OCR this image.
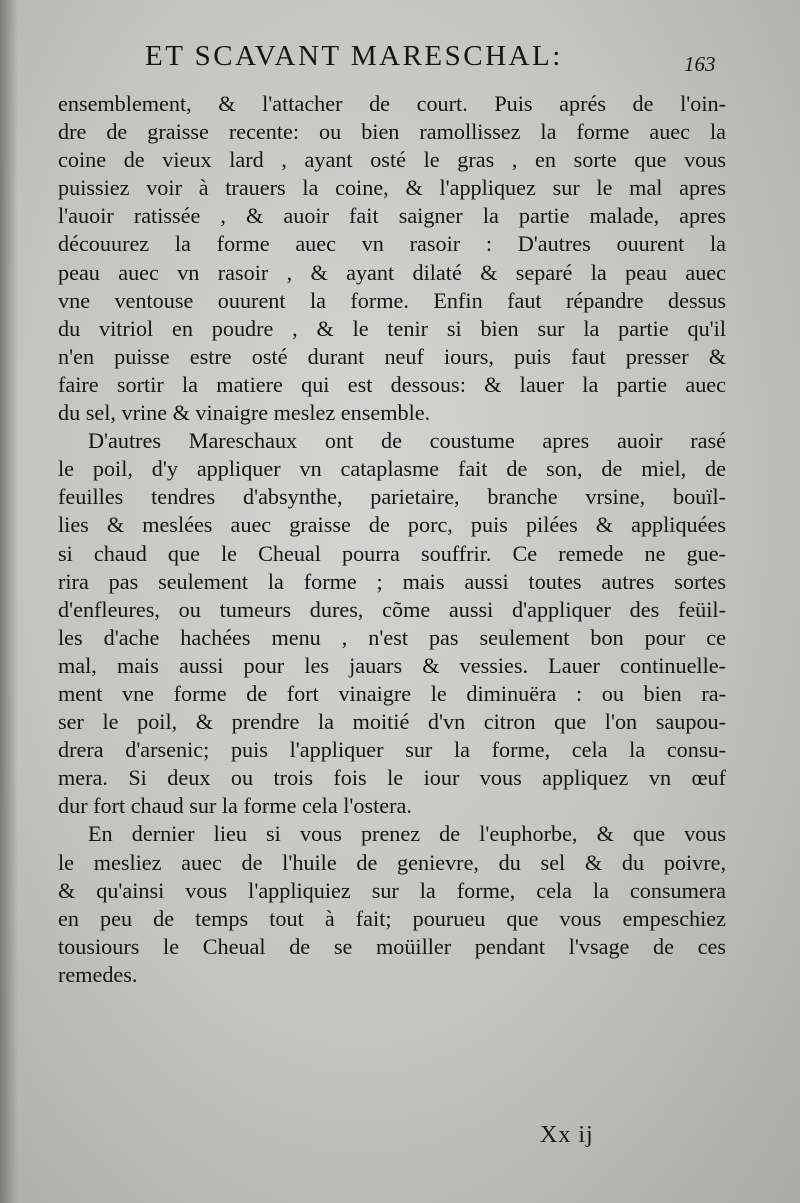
ET SCAVANT MARESCHAL:	163
ensemblement, & l'attacher de court. Puis aprés de l'oin-
dre de graisse recente: ou bien ramollissez la forme auec la
coine de vieux lard , ayant osté le gras , en sorte que vous
puissiez voir à trauers la coine, & l'appliquez sur le mal apres
l'auoir ratissée , & auoir fait saigner la partie malade, apres
découurez la forme auec vn rasoir : D'autres ouurent la
peau auec vn rasoir , & ayant dilaté & separé la peau auec
vne ventouse ouurent la forme. Enfin faut répandre dessus
du vitriol en poudre , & le tenir si bien sur la partie qu'il
n'en puisse estre osté durant neuf iours, puis faut presser &
faire sortir la matiere qui est dessous: & lauer la partie auec
du sel, vrine & vinaigre meslez ensemble.
D'autres Mareschaux ont de coustume apres auoir rasé
le poil, d'y appliquer vn cataplasme fait de son, de miel, de
feuilles tendres d'absynthe, parietaire, branche vrsine, bouïl-
lies & meslées auec graisse de porc, puis pilées & appliquées
si chaud que le Cheual pourra souffrir. Ce remede ne gue-
rira pas seulement la forme ; mais aussi toutes autres sortes
d'enfleures, ou tumeurs dures, cõme aussi d'appliquer des feüil-
les d'ache hachées menu , n'est pas seulement bon pour ce
mal, mais aussi pour les jauars & vessies. Lauer continuelle-
ment vne forme de fort vinaigre le diminuëra : ou bien ra-
ser le poil, & prendre la moitié d'vn citron que l'on saupou-
drera d'arsenic; puis l'appliquer sur la forme, cela la consu-
mera. Si deux ou trois fois le iour vous appliquez vn œuf
dur fort chaud sur la forme cela l'ostera.
En dernier lieu si vous prenez de l'euphorbe, & que vous
le mesliez auec de l'huile de genievre, du sel & du poivre,
& qu'ainsi vous l'appliquiez sur la forme, cela la consumera
en peu de temps tout à fait; pourueu que vous empeschiez
tousiours le Cheual de se moüiller pendant l'vsage de ces
remedes.
Xx ij
